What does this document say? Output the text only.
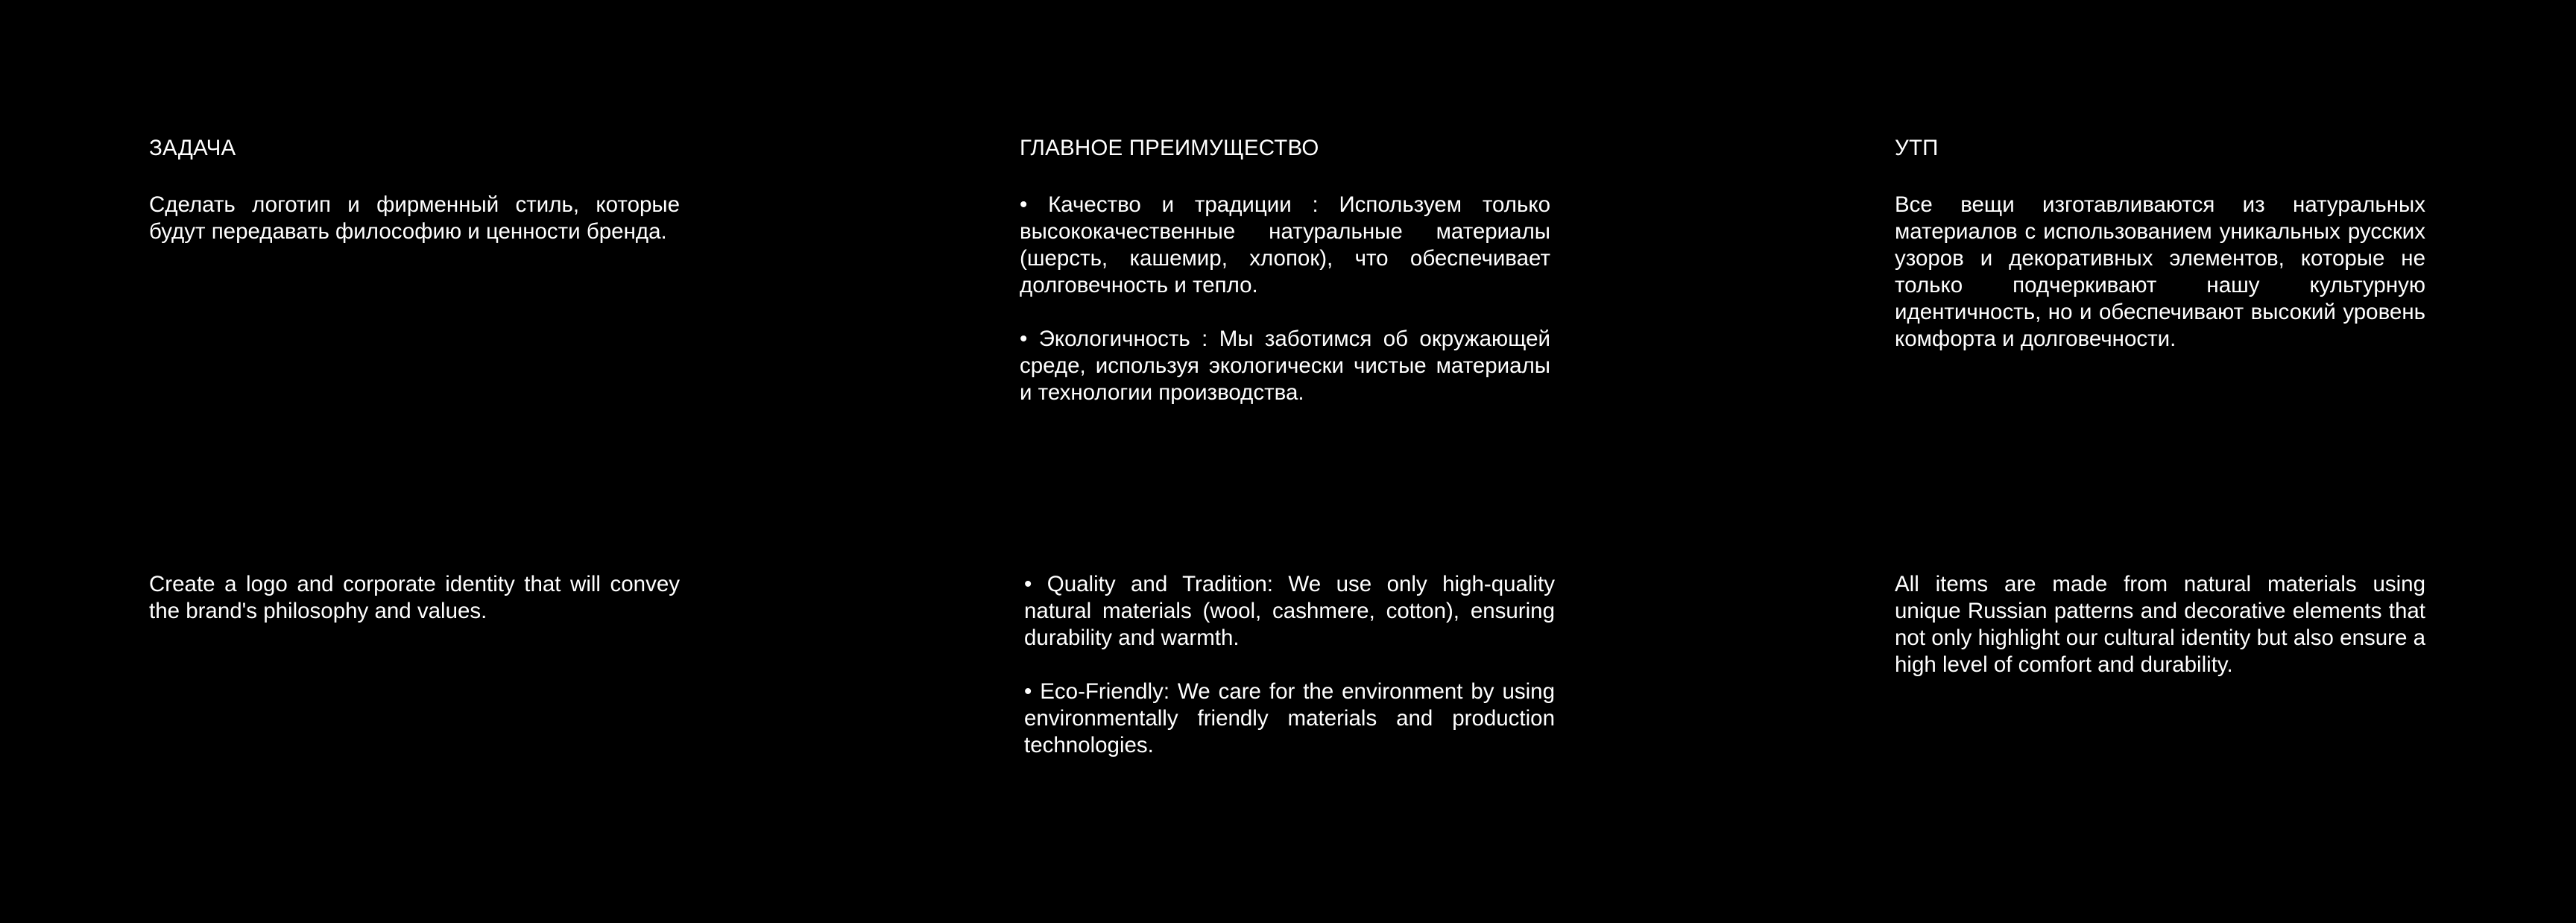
ЗАДАЧА

Сделать логотип и фирменный стиль, которые будут передавать философию и ценности бренда.

Create a logo and corporate identity that will convey the brand's philosophy and values.

ГЛАВНОЕ ПРЕИМУЩЕСТВО

• Качество и традиции : Используем только высококачественные натуральные материалы (шерсть, кашемир, хлопок), что обеспечивает долговечность и тепло.

• Экологичность : Мы заботимся об окружающей среде, используя экологически чистые материалы и технологии производства.

• Quality and Tradition: We use only high-quality natural materials (wool, cashmere, cotton), ensuring durability and warmth.

• Eco-Friendly: We care for the environment by using environmentally friendly materials and production technologies.

УТП

Все вещи изготавливаются из натуральных материалов с использованием уникальных русских узоров и декоративных элементов, которые не только подчеркивают нашу культурную идентичность, но и обеспечивают высокий уровень комфорта и долговечности.

All items are made from natural materials using unique Russian patterns and decorative elements that not only highlight our cultural identity but also ensure a high level of comfort and durability.
